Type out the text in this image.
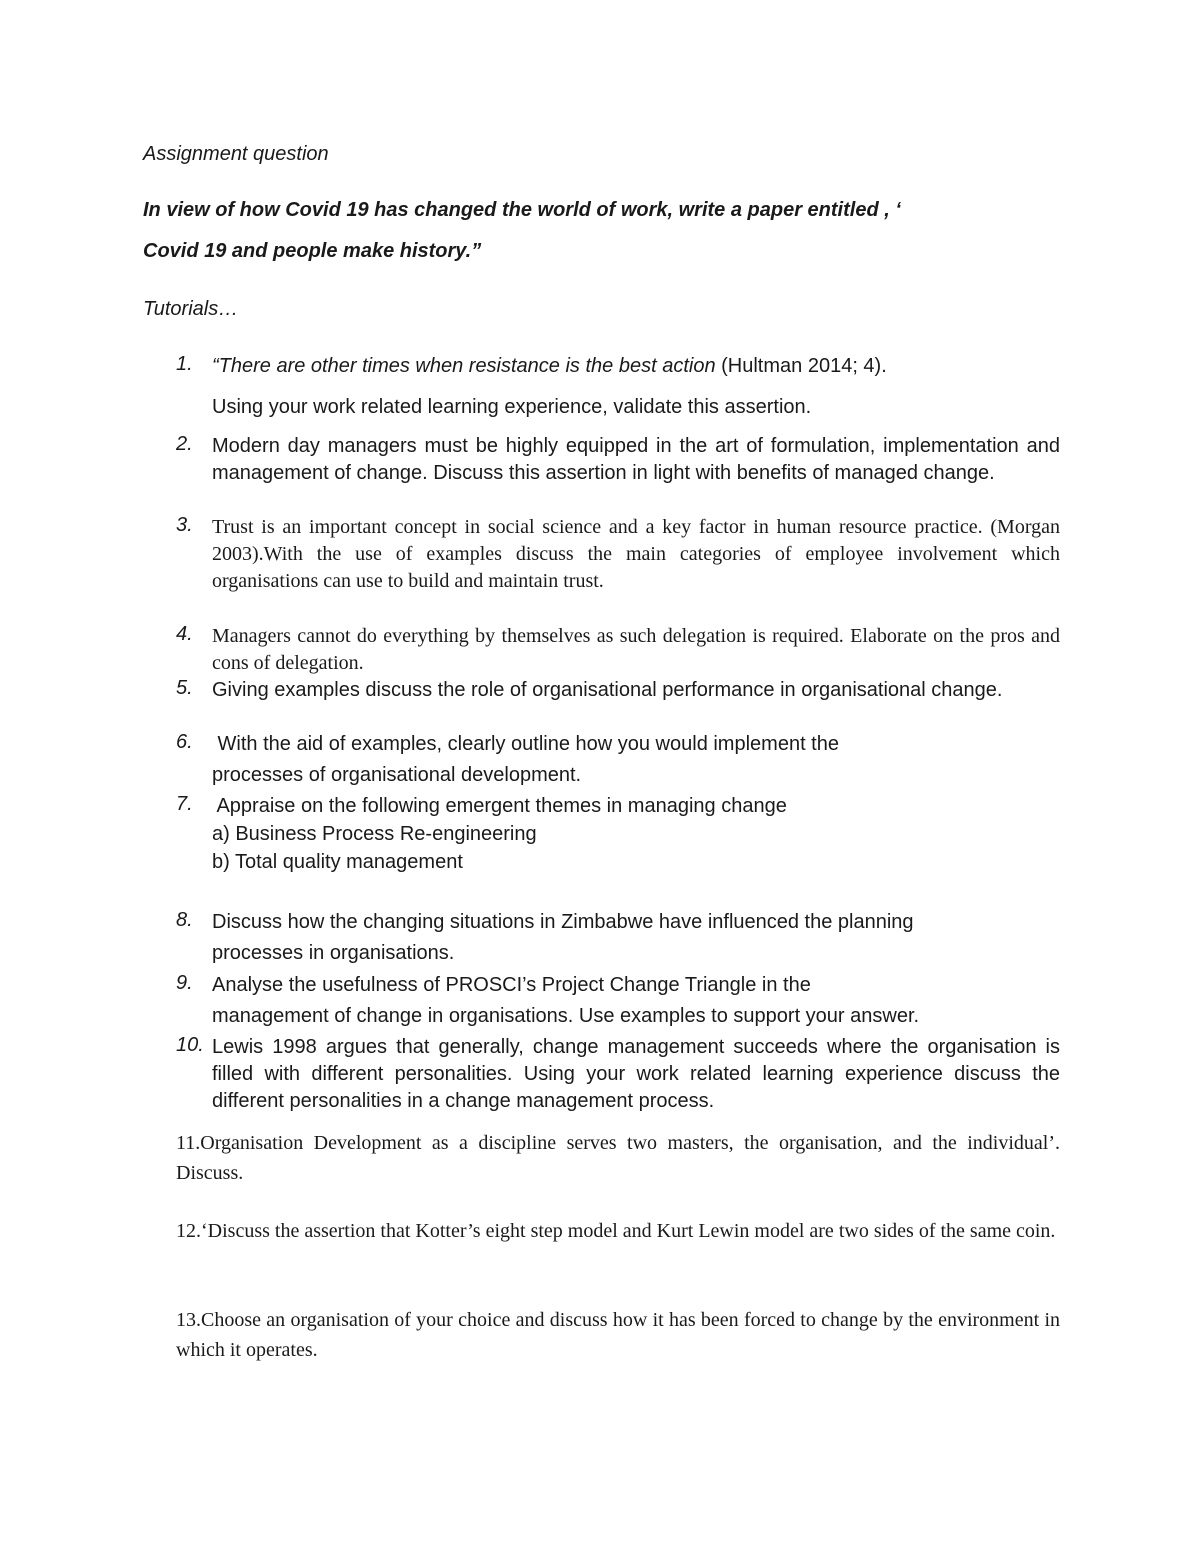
Assignment question
In view of how Covid 19 has changed the world of work, write a paper entitled , ‘
Covid 19 and people make history.”
Tutorials…
1. “There are other times when resistance is the best action (Hultman 2014; 4).
Using your work related learning experience, validate this assertion.
2. Modern day managers must be highly equipped in the art of formulation, implementation and management of change. Discuss this assertion in light with benefits of managed change.
3. Trust is an important concept in social science and a key factor in human resource practice. (Morgan 2003).With the use of examples discuss the main categories of employee involvement which organisations can use to build and maintain trust.
4. Managers cannot do everything by themselves as such delegation is required. Elaborate on the pros and cons of delegation.
5. Giving examples discuss the role of organisational performance in organisational change.
6. With the aid of examples, clearly outline how you would implement the
processes of organisational development.
7. Appraise on the following emergent themes in managing change
a) Business Process Re-engineering
b) Total quality management
8. Discuss how the changing situations in Zimbabwe have influenced the planning
processes in organisations.
9. Analyse the usefulness of PROSCI’s Project Change Triangle in the
management of change in organisations. Use examples to support your answer.
10. Lewis 1998 argues that generally, change management succeeds where the organisation is filled with different personalities. Using your work related learning experience discuss the different personalities in a change management process.
11.Organisation Development as a discipline serves two masters, the organisation, and the individual’. Discuss.
12.‘Discuss the assertion that Kotter’s eight step model and Kurt Lewin model are two sides of the same coin.
13.Choose an organisation of your choice and discuss how it has been forced to change by the environment in which it operates.
